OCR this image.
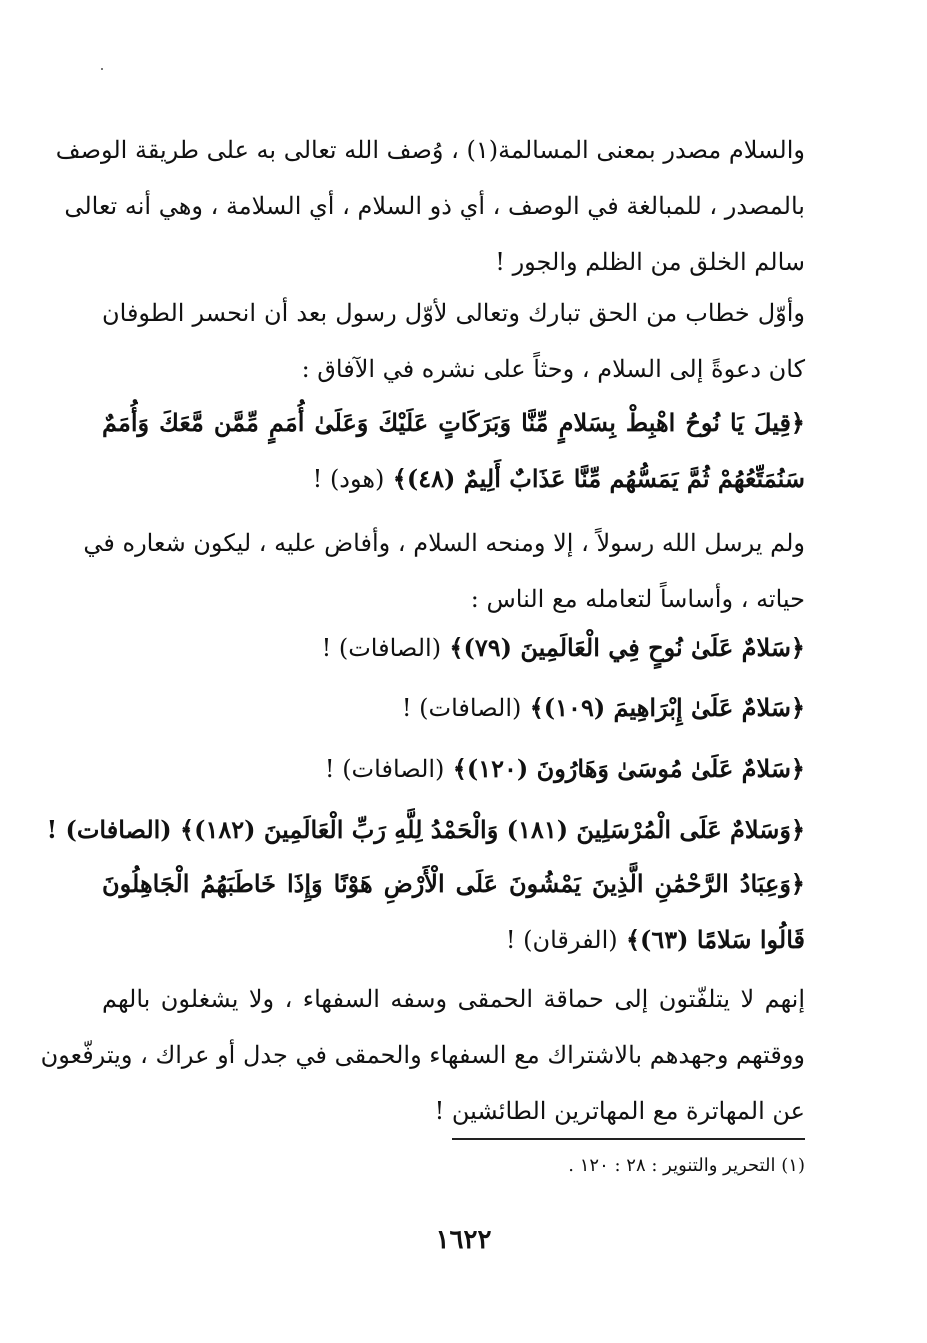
والسلام مصدر بمعنى المسالمة(١) ، وُصف الله تعالى به على طريقة الوصف
بالمصدر ، للمبالغة في الوصف ، أي ذو السلام ، أي السلامة ، وهي أنه تعالى
سالم الخلق من الظلم والجور !
وأوّل خطاب من الحق تبارك وتعالى لأوّل رسول بعد أن انحسر الطوفان
كان دعوةً إلى السلام ، وحثاً على نشره في الآفاق :
﴿قِيلَ يَا نُوحُ اهْبِطْ بِسَلامٍ مِّنَّا وَبَرَكَاتٍ عَلَيْكَ وَعَلَىٰ أُمَمٍ مِّمَّن مَّعَكَ وَأُمَمٌ
سَنُمَتِّعُهُمْ ثُمَّ يَمَسُّهُم مِّنَّا عَذَابٌ أَلِيمٌ (٤٨)﴾ (هود) !
ولم يرسل الله رسولاً ، إلا ومنحه السلام ، وأفاض عليه ، ليكون شعاره في
حياته ، وأساساً لتعامله مع الناس :
﴿سَلامٌ عَلَىٰ نُوحٍ فِي الْعَالَمِينَ (٧٩)﴾ (الصافات) !
﴿سَلامٌ عَلَىٰ إِبْرَاهِيمَ (١٠٩)﴾ (الصافات) !
﴿سَلامٌ عَلَىٰ مُوسَىٰ وَهَارُونَ (١٢٠)﴾ (الصافات) !
﴿وَسَلامٌ عَلَى الْمُرْسَلِينَ (١٨١) وَالْحَمْدُ لِلَّهِ رَبِّ الْعَالَمِينَ (١٨٢)﴾ (الصافات) !
﴿وَعِبَادُ الرَّحْمَٰنِ الَّذِينَ يَمْشُونَ عَلَى الْأَرْضِ هَوْنًا وَإِذَا خَاطَبَهُمُ الْجَاهِلُونَ
قَالُوا سَلامًا (٦٣)﴾ (الفرقان) !
إنهم لا يتلفّتون إلى حماقة الحمقى وسفه السفهاء ، ولا يشغلون بالهم
ووقتهم وجهدهم بالاشتراك مع السفهاء والحمقى في جدل أو عراك ، ويترفّعون
عن المهاترة مع المهاترين الطائشين !
(١) التحرير والتنوير : ٢٨ : ١٢٠ .
١٦٢٢
